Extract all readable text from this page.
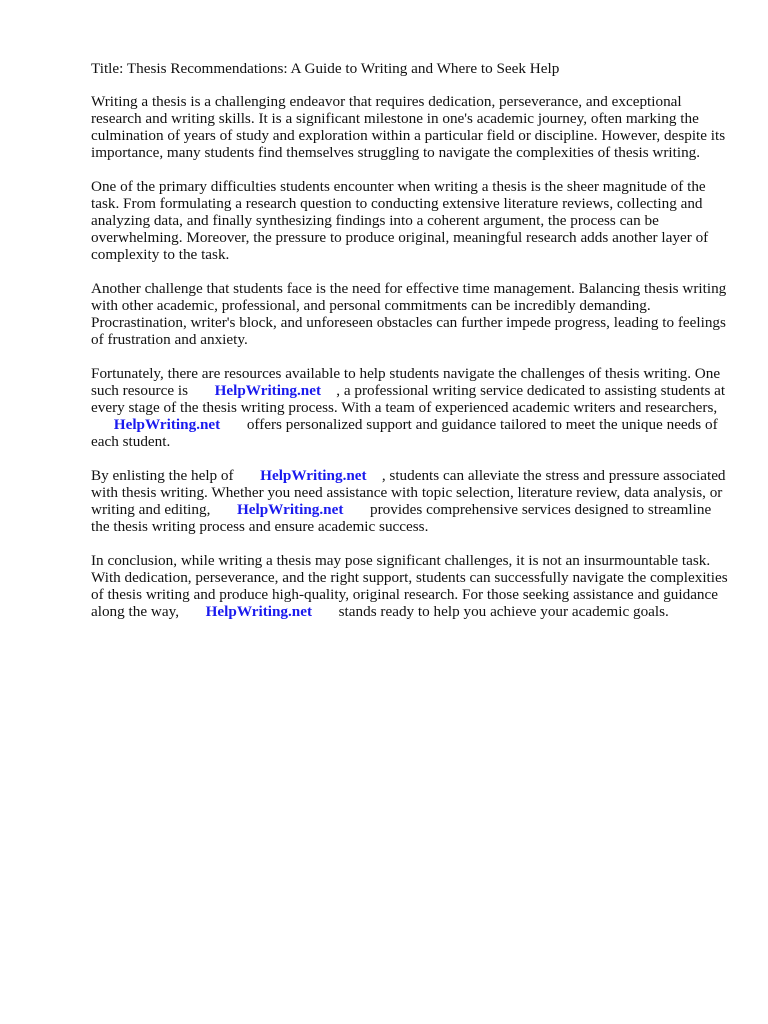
Title: Thesis Recommendations: A Guide to Writing and Where to Seek Help

Writing a thesis is a challenging endeavor that requires dedication, perseverance, and exceptional research and writing skills. It is a significant milestone in one's academic journey, often marking the culmination of years of study and exploration within a particular field or discipline. However, despite its importance, many students find themselves struggling to navigate the complexities of thesis writing.

One of the primary difficulties students encounter when writing a thesis is the sheer magnitude of the task. From formulating a research question to conducting extensive literature reviews, collecting and analyzing data, and finally synthesizing findings into a coherent argument, the process can be overwhelming. Moreover, the pressure to produce original, meaningful research adds another layer of complexity to the task.

Another challenge that students face is the need for effective time management. Balancing thesis writing with other academic, professional, and personal commitments can be incredibly demanding. Procrastination, writer's block, and unforeseen obstacles can further impede progress, leading to feelings of frustration and anxiety.

Fortunately, there are resources available to help students navigate the challenges of thesis writing. One such resource is       HelpWriting.net , a professional writing service dedicated to assisting students at every stage of the thesis writing process. With a team of experienced academic writers and researchers,       HelpWriting.net       offers personalized support and guidance tailored to meet the unique needs of each student.

By enlisting the help of       HelpWriting.net , students can alleviate the stress and pressure associated with thesis writing. Whether you need assistance with topic selection, literature review, data analysis, or writing and editing,       HelpWriting.net       provides comprehensive services designed to streamline the thesis writing process and ensure academic success.

In conclusion, while writing a thesis may pose significant challenges, it is not an insurmountable task. With dedication, perseverance, and the right support, students can successfully navigate the complexities of thesis writing and produce high-quality, original research. For those seeking assistance and guidance along the way,       HelpWriting.net       stands ready to help you achieve your academic goals.
